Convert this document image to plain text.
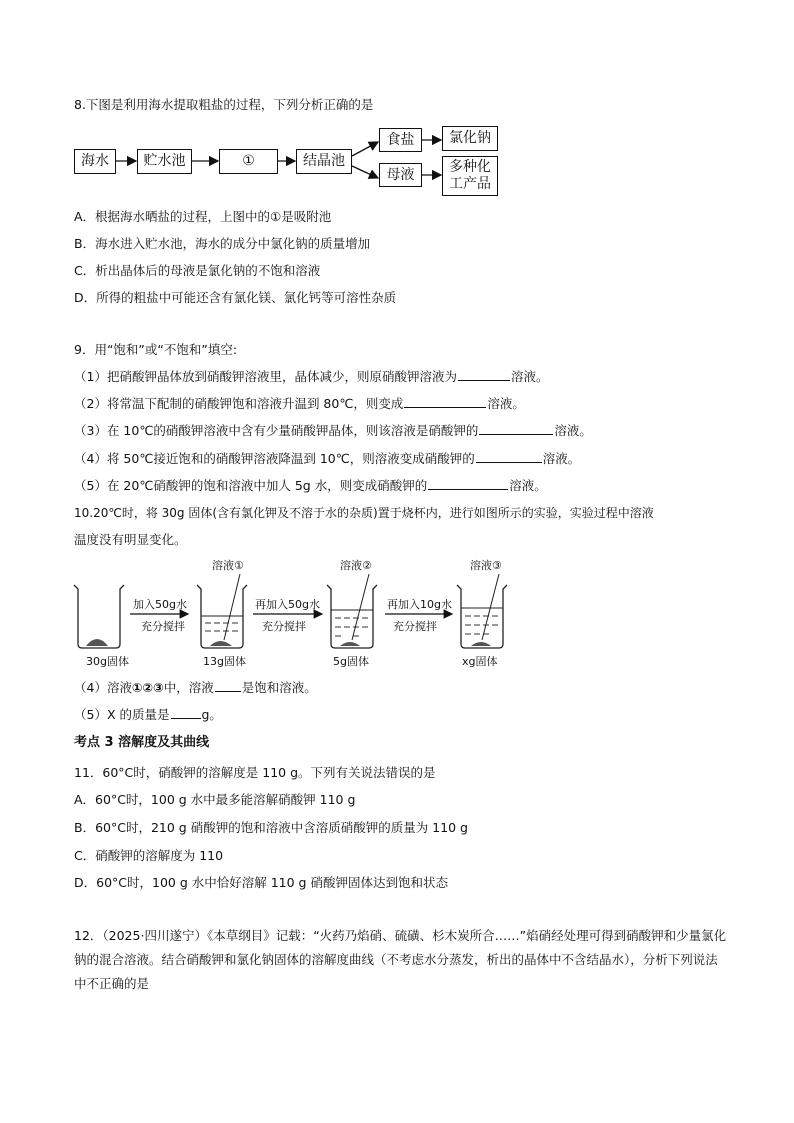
8.下图是利用海水提取粗盐的过程，下列分析正确的是
海水	贮水池	①	结晶池
食盐
母液
氯化钠
多种化
工产品
A．根据海水晒盐的过程，上图中的①是吸附池
B．海水进入贮水池，海水的成分中氯化钠的质量增加
C．析出晶体后的母液是氯化钠的不饱和溶液
D．所得的粗盐中可能还含有氯化镁、氯化钙等可溶性杂质
9．用“饱和”或“不饱和”填空:
（1）把硝酸钾晶体放到硝酸钾溶液里，晶体减少，则原硝酸钾溶液为	溶液。
（2）将常温下配制的硝酸钾饱和溶液升温到 80℃，则变成	溶液。
（3）在 10℃的硝酸钾溶液中含有少量硝酸钾晶体，则该溶液是硝酸钾的	溶液。
（4）将 50℃接近饱和的硝酸钾溶液降温到 10℃，则溶液变成硝酸钾的	溶液。
（5）在 20℃硝酸钾的饱和溶液中加人 5g 水，则变成硝酸钾的	溶液。
10.20℃时，将 30g 固体(含有氯化钾及不溶于水的杂质)置于烧杯内，进行如图所示的实验，实验过程中溶液
温度没有明显变化。
30g固体
加入50g水
充分搅拌
溶液①
13g固体
再加入50g水
充分搅拌
溶液②
5g固体
再加入10g水
充分搅拌
溶液③
xg固体
（4）溶液①②③中，溶液 是饱和溶液。
（5）X 的质量是	g。
考点 3 溶解度及其曲线
11．60°C时，硝酸钾的溶解度是 110 g。下列有关说法错误的是
A．60°C时，100 g 水中最多能溶解硝酸钾 110 g
B．60°C时，210 g 硝酸钾的饱和溶液中含溶质硝酸钾的质量为 110 g
C．硝酸钾的溶解度为 110
D．60°C时，100 g 水中恰好溶解 110 g 硝酸钾固体达到饱和状态
12．（2025·四川遂宁）《本草纲目》记载：“火药乃焰硝、硫磺、杉木炭所合……”焰硝经处理可得到硝酸钾和少量氯化钠的混合溶液。结合硝酸钾和氯化钠固体的溶解度曲线（不考虑水分蒸发，析出的晶体中不含结晶水），分析下列说法中不正确的是
